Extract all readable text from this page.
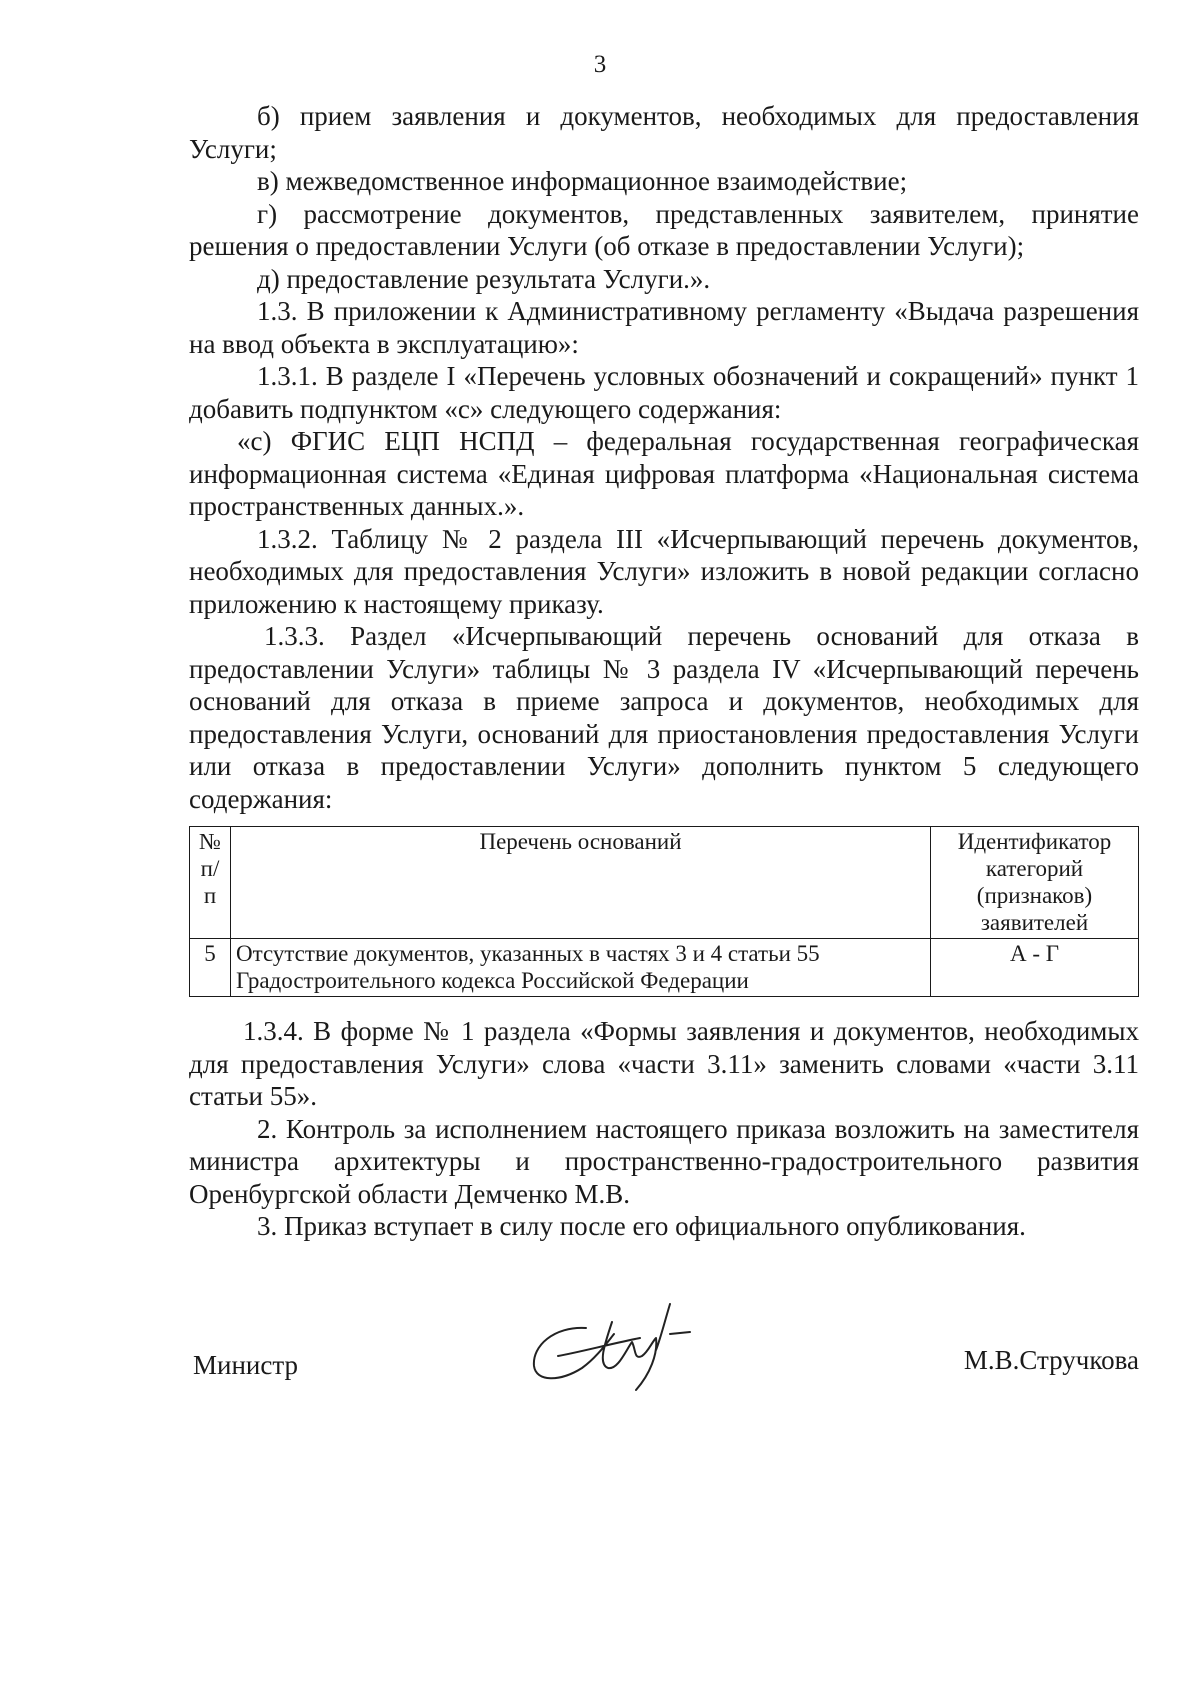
3

б) прием заявления и документов, необходимых для предоставления Услуги;

в) межведомственное информационное взаимодействие;

г) рассмотрение документов, представленных заявителем, принятие решения о предоставлении Услуги (об отказе в предоставлении Услуги);

д) предоставление результата Услуги.».

1.3. В приложении к Административному регламенту «Выдача разрешения на ввод объекта в эксплуатацию»:

1.3.1. В разделе I «Перечень условных обозначений и сокращений» пункт 1 добавить подпунктом «с» следующего содержания:

«с) ФГИС ЕЦП НСПД – федеральная государственная географическая информационная система «Единая цифровая платформа «Национальная система пространственных данных.».

1.3.2. Таблицу № 2 раздела III «Исчерпывающий перечень документов, необходимых для предоставления Услуги» изложить в новой редакции согласно приложению к настоящему приказу.

1.3.3. Раздел «Исчерпывающий перечень оснований для отказа в предоставлении Услуги» таблицы № 3 раздела IV «Исчерпывающий перечень оснований для отказа в приеме запроса и документов, необходимых для предоставления Услуги, оснований для приостановления предоставления Услуги или отказа в предоставлении Услуги» дополнить пунктом 5 следующего содержания:

№ п/п	Перечень оснований	Идентификатор категорий (признаков) заявителей
5	Отсутствие документов, указанных в частях 3 и 4 статьи 55 Градостроительного кодекса Российской Федерации	А - Г

1.3.4. В форме № 1 раздела «Формы заявления и документов, необходимых для предоставления Услуги» слова «части 3.11» заменить словами «части 3.11 статьи 55».

2. Контроль за исполнением настоящего приказа возложить на заместителя министра архитектуры и пространственно-градостроительного развития Оренбургской области Демченко М.В.

3. Приказ вступает в силу после его официального опубликования.

Министр	М.В.Стручкова
